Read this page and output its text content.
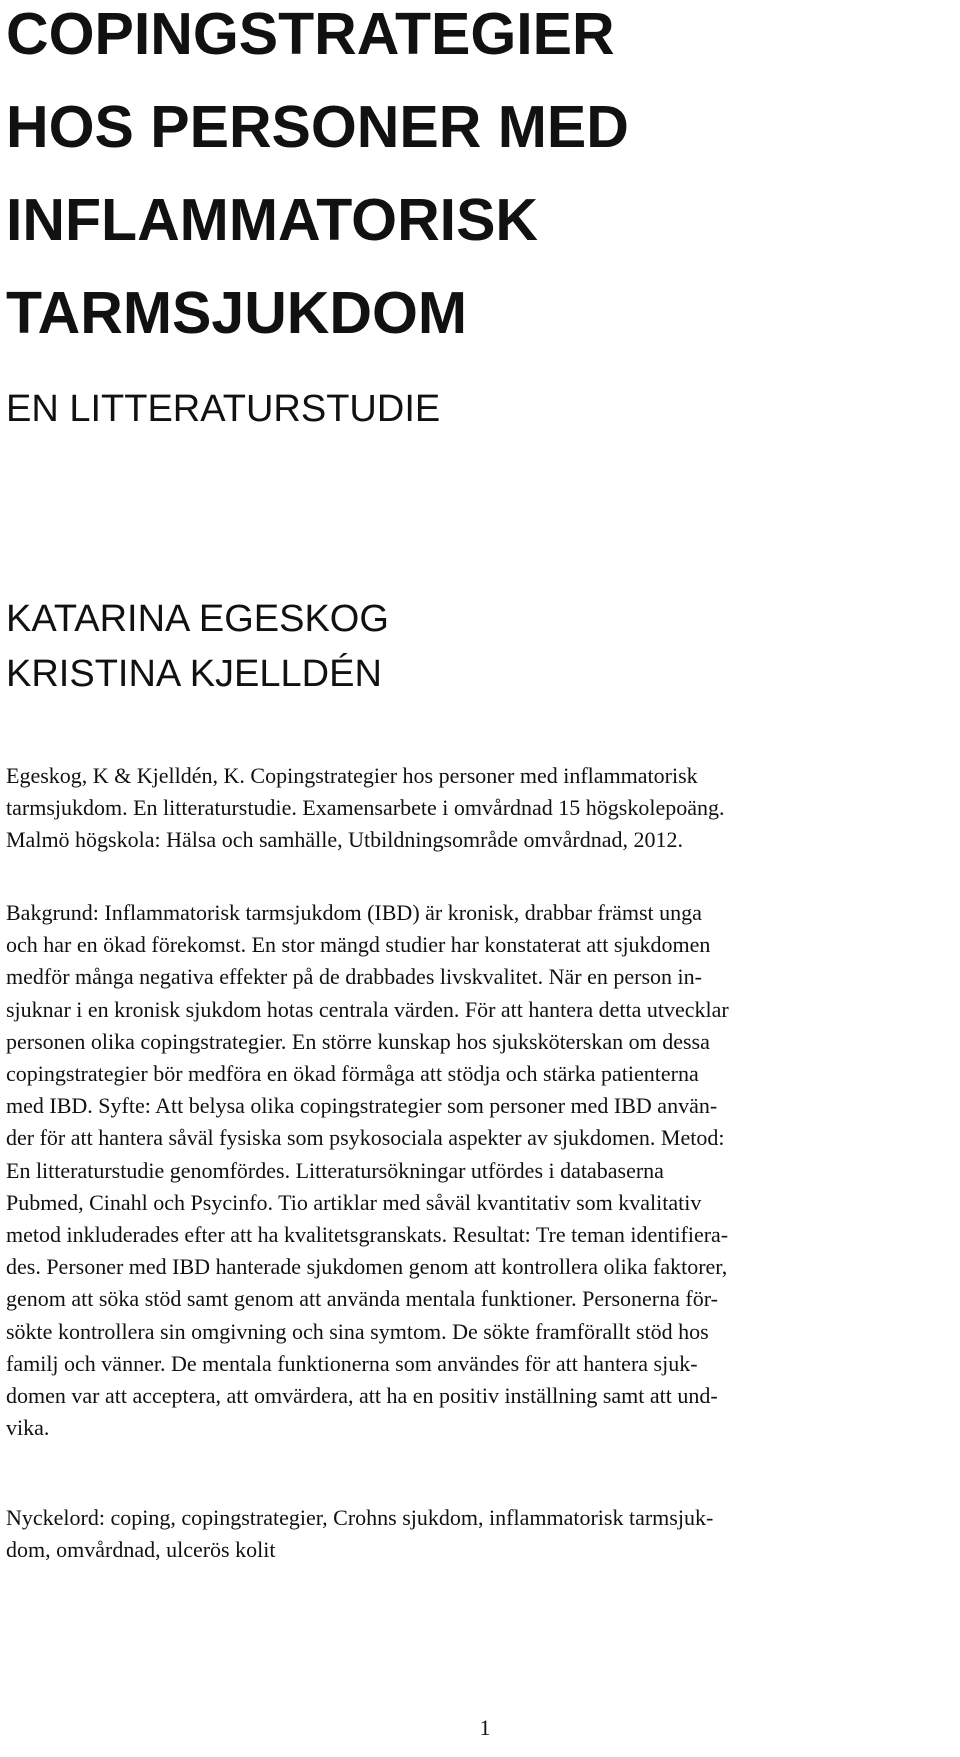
COPINGSTRATEGIER
HOS PERSONER MED
INFLAMMATORISK
TARMSJUKDOM
EN LITTERATURSTUDIE
KATARINA EGESKOG
KRISTINA KJELLDÉN

Egeskog, K & Kjelldén, K. Copingstrategier hos personer med inflammatorisk
tarmsjukdom. En litteraturstudie. Examensarbete i omvårdnad 15 högskolepoäng.
Malmö högskola: Hälsa och samhälle, Utbildningsområde omvårdnad, 2012.

Bakgrund: Inflammatorisk tarmsjukdom (IBD) är kronisk, drabbar främst unga
och har en ökad förekomst. En stor mängd studier har konstaterat att sjukdomen
medför många negativa effekter på de drabbades livskvalitet. När en person in-
sjuknar i en kronisk sjukdom hotas centrala värden. För att hantera detta utvecklar
personen olika copingstrategier. En större kunskap hos sjuksköterskan om dessa
copingstrategier bör medföra en ökad förmåga att stödja och stärka patienterna
med IBD. Syfte: Att belysa olika copingstrategier som personer med IBD använ-
der för att hantera såväl fysiska som psykosociala aspekter av sjukdomen. Metod:
En litteraturstudie genomfördes. Litteratursökningar utfördes i databaserna
Pubmed, Cinahl och Psycinfo. Tio artiklar med såväl kvantitativ som kvalitativ
metod inkluderades efter att ha kvalitetsgranskats. Resultat: Tre teman identifiera-
des. Personer med IBD hanterade sjukdomen genom att kontrollera olika faktorer,
genom att söka stöd samt genom att använda mentala funktioner. Personerna för-
sökte kontrollera sin omgivning och sina symtom. De sökte framförallt stöd hos
familj och vänner. De mentala funktionerna som användes för att hantera sjuk-
domen var att acceptera, att omvärdera, att ha en positiv inställning samt att und-
vika.

Nyckelord: coping, copingstrategier, Crohns sjukdom, inflammatorisk tarmsjuk-
dom, omvårdnad, ulcerös kolit

1
